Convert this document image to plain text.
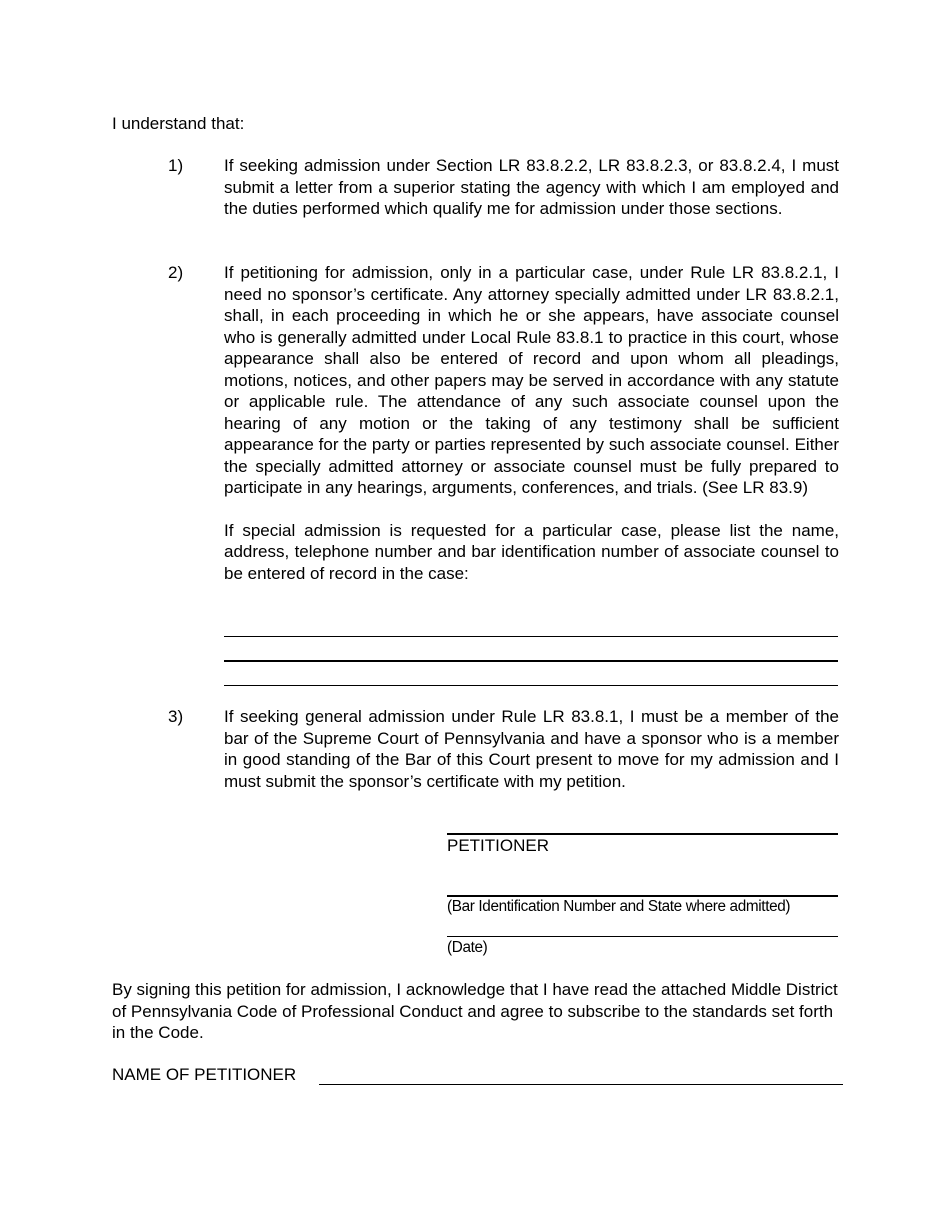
I understand that:
1) If seeking admission under Section LR 83.8.2.2, LR 83.8.2.3, or 83.8.2.4, I must submit a letter from a superior stating the agency with which I am employed and the duties performed which qualify me for admission under those sections.

2) If petitioning for admission, only in a particular case, under Rule LR 83.8.2.1, I need no sponsor’s certificate. Any attorney specially admitted under LR 83.8.2.1, shall, in each proceeding in which he or she appears, have associate counsel who is generally admitted under Local Rule 83.8.1 to practice in this court, whose appearance shall also be entered of record and upon whom all pleadings, motions, notices, and other papers may be served in accordance with any statute or applicable rule. The attendance of any such associate counsel upon the hearing of any motion or the taking of any testimony shall be sufficient appearance for the party or parties represented by such associate counsel. Either the specially admitted attorney or associate counsel must be fully prepared to participate in any hearings, arguments, conferences, and trials. (See LR 83.9)

If special admission is requested for a particular case, please list the name, address, telephone number and bar identification number of associate counsel to be entered of record in the case:

3) If seeking general admission under Rule LR 83.8.1, I must be a member of the bar of the Supreme Court of Pennsylvania and have a sponsor who is a member in good standing of the Bar of this Court present to move for my admission and I must submit the sponsor’s certificate with my petition.

PETITIONER
(Bar Identification Number and State where admitted)
(Date)
By signing this petition for admission, I acknowledge that I have read the attached Middle District of Pennsylvania Code of Professional Conduct and agree to subscribe to the standards set forth in the Code.
NAME OF PETITIONER
